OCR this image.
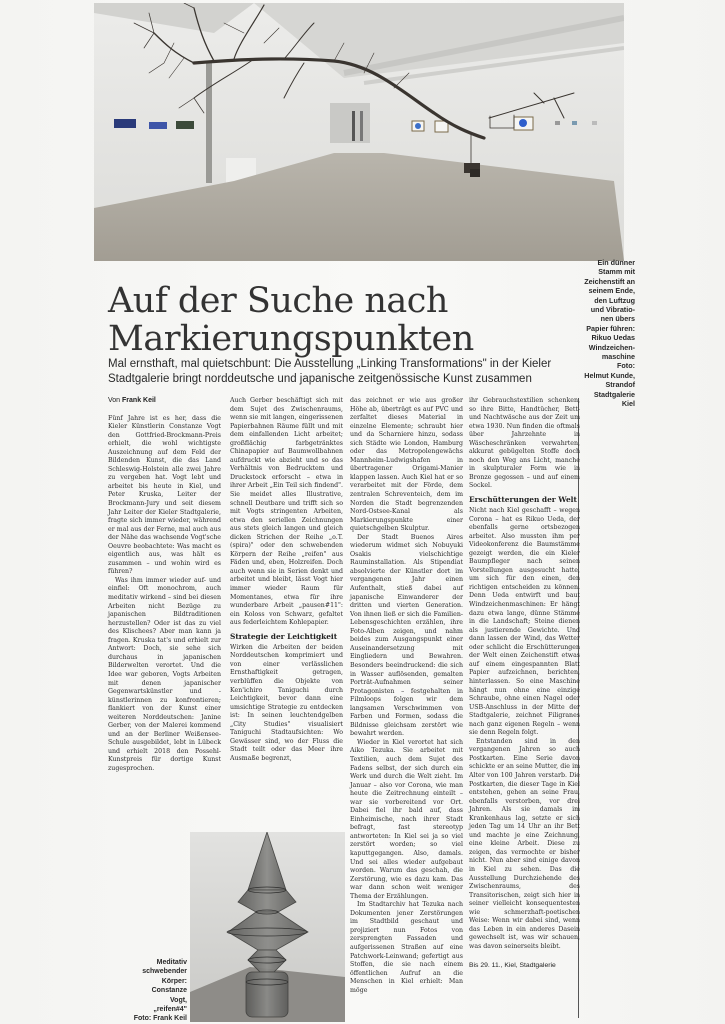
Ein dünner
Stamm mit
Zeichenstift an
seinem Ende,
den Luftzug
und Vibratio-
nen übers
Papier führen:
Rikuo Uedas
Windzeichen-
maschine
Foto:
Helmut Kunde,
Strandof
Stadtgalerie
Kiel
Auf der Suche nach
Markierungspunkten
Mal ernsthaft, mal quietschbunt: Die Ausstellung „Linking Transformations" in der Kieler Stadtgalerie bringt norddeutsche und japanische zeitgenössische Kunst zusammen
Von Frank Keil

Fünf Jahre ist es her, dass die Kieler Künstlerin Constanze Vogt den Gottfried-Brockmann-Preis erhielt, die wohl wichtigste Auszeichnung auf dem Feld der Bildenden Kunst, die das Land Schleswig-Holstein alle zwei Jahre zu vergeben hat. Vogt lebt und arbeitet bis heute in Kiel, und Peter Kruska, Leiter der Brockmann-Jury und seit diesem Jahr Leiter der Kieler Stadtgalerie, fragte sich immer wieder, während er mal aus der Ferne, mal auch aus der Nähe das wachsende Vogt'sche Oeuvre beobachtete: Was macht es eigentlich aus, was hält es zusammen – und wohin wird es führen?

Was ihm immer wieder auf- und einfiel: Oft monochrom, auch meditativ wirkend – sind bei diesen Arbeiten nicht Bezüge zu japanischen Bildtraditionen herzustellen? Oder ist das zu viel des Klischees? Aber man kann ja fragen. Kruska tat's und erhielt zur Antwort: Doch, sie sehe sich durchaus in japanischen Bilderwelten verortet. Und die Idee war geboren, Vogts Arbeiten mit denen japanischer Gegenwartskünstler und -künstlerinnen zu konfrontieren; flankiert von der Kunst einer weiteren Norddeutschen: Janine Gerber, von der Malerei kommend und an der Berliner Weißensee-Schule ausgebildet, lebt in Lübeck und erhielt 2018 den Possehl-Kunstpreis für dortige Kunst zugesprochen.

Auch Gerber beschäftigt sich mit dem Sujet des Zwischenraums, wenn sie mit langen, eingerissenen Papierbahnen Räume füllt und mit dem einfallenden Licht arbeitet; großflächig farbgetränktes Chinapapier auf Baumwollbahnen aufdruckt wie abzieht und so das Verhältnis von Bedrucktem und Druckstock erforscht – etwa in ihrer Arbeit „Ein Teil sich findend". Sie meidet alles Illustrative, schnell Deutbare und trifft sich so mit Vogts stringenten Arbeiten, etwa den seriellen Zeichnungen aus stets gleich langen und gleich dicken Strichen der Reihe „o.T. (spira)" oder den schwebenden Körpern der Reihe „reifen" aus Fäden und, eben, Holzreifen. Doch auch wenn sie in Serien denkt und arbeitet und bleibt, lässt Vogt hier immer wieder Raum für Momentanes, etwa für ihre wunderbare Arbeit „pausen#11": ein Koloss von Schwarz, gefaltet aus federleichtem Kohlepapier.

Strategie der Leichtigkeit

Wirken die Arbeiten der beiden Norddeutschen komprimiert und von einer verlässlichen Ernsthaftigkeit getragen, verblüffen die Objekte von Ken'ichiro Taniguchi durch Leichtigkeit, bevor dann eine umsichtige Strategie zu entdecken ist: In seinen leuchtendgelben „City Studies" visualisiert Taniguchi Stadtaufsichten: Wo Gewässer sind, wo der Fluss die Stadt teilt oder das Meer ihre Ausmaße begrenzt,

das zeichnet er wie aus großer Höhe ab, überträgt es auf PVC und zerfaltet dieses Material in einzelne Elemente; schraubt hier und da Scharniere hinzu, sodass sich Städte wie London, Hamburg oder das Metropolengewächs Mannheim-Ludwigshafen in übertragener Origami-Manier klappen lassen. Auch Kiel hat er so verarbeitet mit der Förde, dem zentralen Schreventeich, dem im Norden die Stadt begrenzenden Nord-Ostsee-Kanal als Markierungspunkte einer quietschgelben Skulptur.

Der Stadt Buenos Aires wiederum widmet sich Nobuyuki Osakis vielschichtige Rauminstallation. Als Stipendiat absolvierte der Künstler dort im vergangenen Jahr einen Aufenthalt, stieß dabei auf japanische Einwanderer der dritten und vierten Generation. Von ihnen ließ er sich die Familien-Lebensgeschichten erzählen, ihre Foto-Alben zeigen, und nahm beides zum Ausgangspunkt einer Auseinandersetzung mit Eingliedern und Bewahren. Besonders beeindruckend: die sich in Wasser auflösenden, gemalten Porträt-Aufnahmen seiner Protagonisten – festgehalten in Filmloops folgen wir dem langsamen Verschwimmen von Farben und Formen, sodass die Bildnisse gleichsam zerstört wie bewahrt werden.

Wieder in Kiel verortet hat sich Aiko Tezuka. Sie arbeitet mit Textilien, auch dem Sujet des Fadens selbst, der sich durch ein Werk und durch die Welt zieht. Im Januar – also vor Corona, wie man heute die Zeitrechnung einteilt – war sie vorbereitend vor Ort. Dabei fiel ihr bald auf, dass Einheimische, nach ihrer Stadt befragt, fast stereotyp antworteten: In Kiel sei ja so viel zerstört worden; so viel kaputtgegangen. Also, damals. Und sei alles wieder aufgebaut worden. Warum das geschah, die Zerstörung, wie es dazu kam. Das war dann schon weit weniger Thema der Erzählungen.

Im Stadtarchiv hat Tezuka nach Dokumenten jener Zerstörungen im Stadtbild geschaut und projiziert nun Fotos von zersprengten Fassaden und aufgerissenen Straßen auf eine Patchwork-Leinwand; gefertigt aus Stoffen, die sie nach einem öffentlichen Aufruf an die Menschen in Kiel erhielt: Man möge

ihr Gebrauchstextilien schenken, so ihre Bitte, Handtücher, Bett- und Nachtwäsche aus der Zeit um etwa 1930. Nun finden die oftmals über Jahrzehnte in Wäscheschränken verwahrten, akkurat gebügelten Stoffe doch noch den Weg ans Licht, manche in skulpturaler Form wie in Bronze gegossen – und auf einem Sockel.

Erschütterungen der Welt

Nicht nach Kiel geschafft – wegen Corona – hat es Rikuo Ueda, der ebenfalls gerne ortsbezogen arbeitet. Also mussten ihm per Videokonferenz die Baumstämme gezeigt werden, die ein Kieler Baumpfleger nach seinen Vorstellungen ausgesucht hatte, um sich für den einen, den richtigen entscheiden zu können. Denn Ueda entwirft und baut Windzeichenmaschinen: Er hängt dazu etwa lange, dünne Stämme in die Landschaft; Steine dienen als justierende Gewichte. Und dann lassen der Wind, das Wetter oder schlicht die Erschütterungen der Welt einen Zeichenstift etwas auf einem eingespannten Blatt Papier aufzeichnen, berichten, hinterlassen. So eine Maschine hängt nun ohne eine einzige Schraube, ohne einen Nagel oder USB-Anschluss in der Mitte der Stadtgalerie, zeichnet Filigranes nach ganz eigenen Regeln – wenn sie denn Regeln folgt.

Entstanden sind in den vergangenen Jahren so auch Postkarten. Eine Serie davon schickte er an seine Mutter, die im Alter von 100 Jahren verstarb. Die Postkarten, die dieser Tage in Kiel entstehen, gehen an seine Frau, ebenfalls verstorben, vor drei Jahren. Als sie damals im Krankenhaus lag, setzte er sich jeden Tag um 14 Uhr an ihr Bett und machte je eine Zeichnung, eine kleine Arbeit. Diese zu zeigen, das vermochte er bisher nicht. Nun aber sind einige davon in Kiel zu sehen. Das die Ausstellung Durchziehende des Zwischenraums, des Transitorischen, zeigt sich hier in seiner vielleicht konsequentesten wie schmerzhaft-poetischen Weise: Wenn wir dabei sind, wenn das Leben in ein anderes Dasein gewechselt ist, was wir schauen, was davon seinerseits bleibt.

Bis 29. 11., Kiel, Stadtgalerie
Meditativ
schwebender
Körper:
Constanze
Vogt,
„reifen#4"
Foto: Frank Keil
